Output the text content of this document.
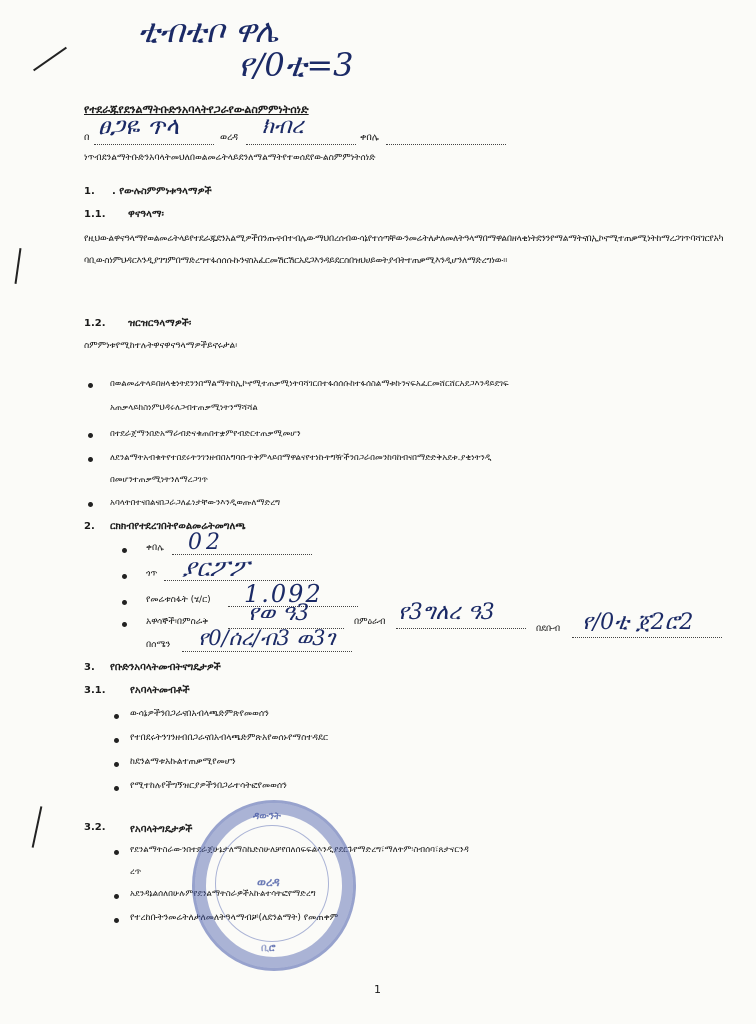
ቲብቲቦ ዋሌ
የ/0ቲ=3
የተደራጁየደንልማትቡድንአባላትየጋራየውልስምምነትሰነድ
በ ፀጋዬ ጥላ	ወረዳ ክብረ	ቀበሌ
ነጥብደንልማትቡድንአባላትመህለበወልመሬትላይደንለማልማትየተወሰደየውልስምምነትሰነድ
1. . የውሉስምምነቱዓላማዎች
1.1. ዋናዓላማ፡
የዚህውልዋናዓላማየወልመሬትላይየተደራጁደንአልሚዎችበንጡናብተብሌውማህበረሰብውሳኔየተሰጣቸውንመሬትለታለመለትዓላማበማዋልበዘላቂነትደንንየማልማትናበኢኮኖሚተጠቃሚነትከማረጋገጥባሻገርየአካባቢውስነምህዳርእንዲያገግምበማድረግተፋሰሰሱኩንናስአፈርመሽርሽርአደጋእንዳይደርስበዝህሀይወትያብትተጠቃሚእንዲሆንለማድረግነው።
1.2. ዝርዝርዓላማዎች፡
ስምምነቱየሚከተሉትዋናዋናዓላማዎችይኖሩታል፡
በወልመሬትላይበዘላቂነትደንንበማልማትከኢኮኖሚተጠቃሚነትባሻገርበተፋሰሰሱከተፋሰስልማቱኩንናፍአፈርመሸርሸርአደጋእንዳይደገፍ
አጠቃላይከስነምህዳሩለጋብተጠቃሚነትንማሻሻል
በተደራጀማንበድአማራብድናቁጠበተቋምየብድርተጠቃሚመሆን
ለደንልማትአብቁትየተበደሩትንገንዘብበአግባቡጥቅምላይበማዋልናየተነኩትግዥችንበጋራበመንከባከብናበማድድቅአደቱ.ያቂነትንዲ
በመሆንተጠቃሚነትንለማረጋገጥ
አባላትበተናበልናበጋራጋለፊነታቸውንእንዲወጡለማድረግ
2. ርክክብየተደረገበትየወልመሬትመግለጫ
ቀበሌ 02
ጎጥ ያርፖፖ
የመሬቱስፋት (ሄ/ር) 1.092
አዋሳኞች፡በምስራቅ የወ ዓ3	በምዕራብ የ3ግለረ ዓ3
በደቡብ የ/0ቲ ጀ2ሮ2
በሰሜን የ0/ሰረ/ብ3 ወ3ገ
3. የቡድንአባላትመብትናግዴታዎች
3.1. የአባላትመብቶች
ውሳኔዎችንበጋራናበአብላጫድምጽየመወሰን
የተበደሩትንገንዘብበጋራናበአብላጫድምጽአየወሰኑየማስተዳደር
ከደንልማቱአኩልተጠቃሚየመሆን
የሚተከሉየችግኝዝርያዎችንበጋራተሳትፎየመወሰን
3.2. የአባላትግዴታዎች
የደንልማትስራውንበተደራጀሁኔታለማስኬድስሁለቻየበለሰፍፍልእንዲያደርጉየማድረግ፣ማለትም፡ስብሰባ፣ጸታናርንዳ
ረጥ
አደንዳኔልሰለበሁሉምየደንልማትስራዎችአኩልተሳትፎየማድረግ
የተረከቡትንመሬትለታለመለትዓላማብቻ(ለደንልማት) የመጠቀም
ዳውንት
ወረዳ
ቢሮ
1
